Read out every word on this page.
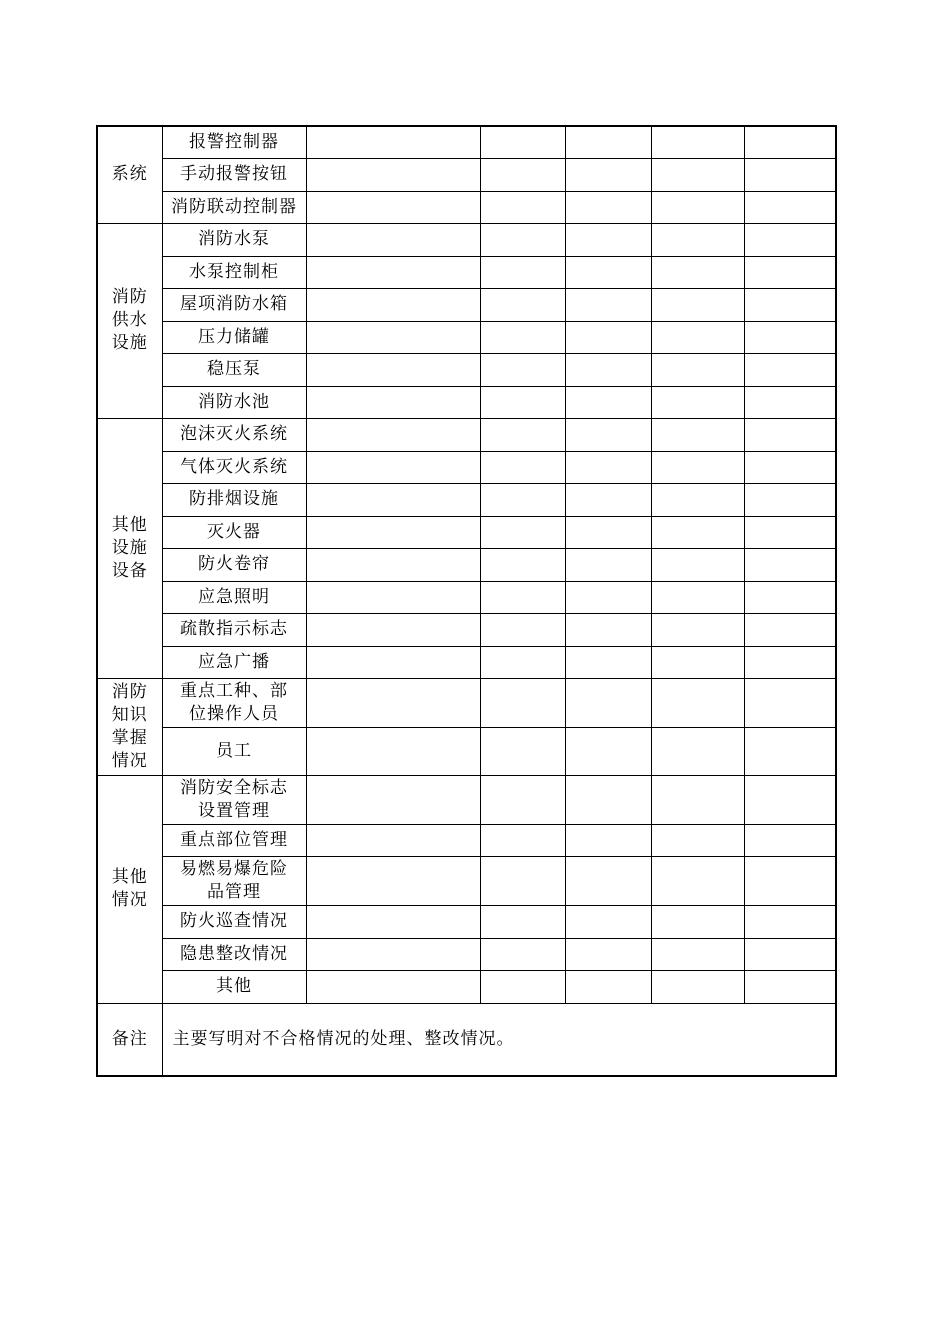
系统	报警控制器					
	手动报警按钮					
	消防联动控制器					
消防供水设施	消防水泵					
	水泵控制柜					
	屋项消防水箱					
	压力储罐					
	稳压泵					
	消防水池					
其他设施设备	泡沫灭火系统					
	气体灭火系统					
	防排烟设施					
	灭火器					
	防火卷帘					
	应急照明					
	疏散指示标志					
	应急广播					
消防知识掌握情况	重点工种、部位操作人员					
	员工					
其他情况	消防安全标志设置管理					
	重点部位管理					
	易燃易爆危险品管理					
	防火巡查情况					
	隐患整改情况					
	其他					
备注	主要写明对不合格情况的处理、整改情况。					
